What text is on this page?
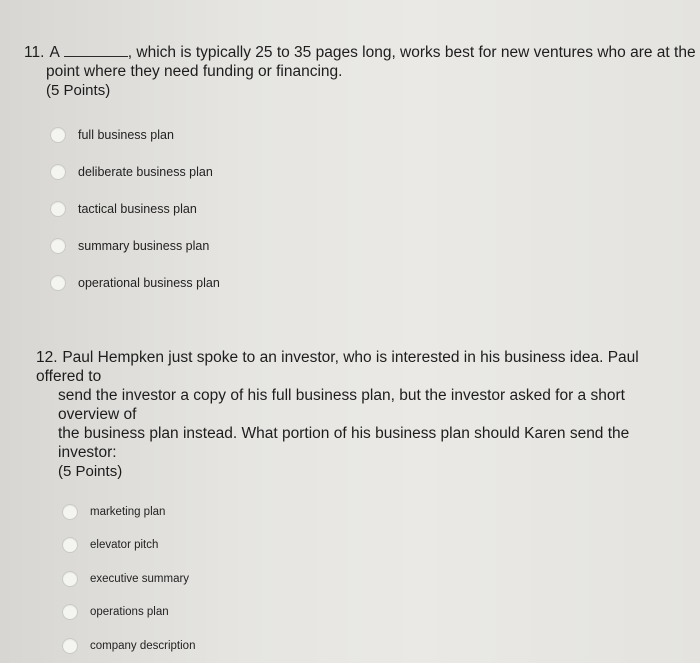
11. A	, which is typically 25 to 35 pages long, works best for new ventures who are at the
point where they need funding or financing.
(5 Points)
full business plan
deliberate business plan
tactical business plan
summary business plan
operational business plan
12. Paul Hempken just spoke to an investor, who is interested in his business idea. Paul offered to
send the investor a copy of his full business plan, but the investor asked for a short overview of
the business plan instead. What portion of his business plan should Karen send the investor:
(5 Points)
marketing plan
elevator pitch
executive summary
operations plan
company description
